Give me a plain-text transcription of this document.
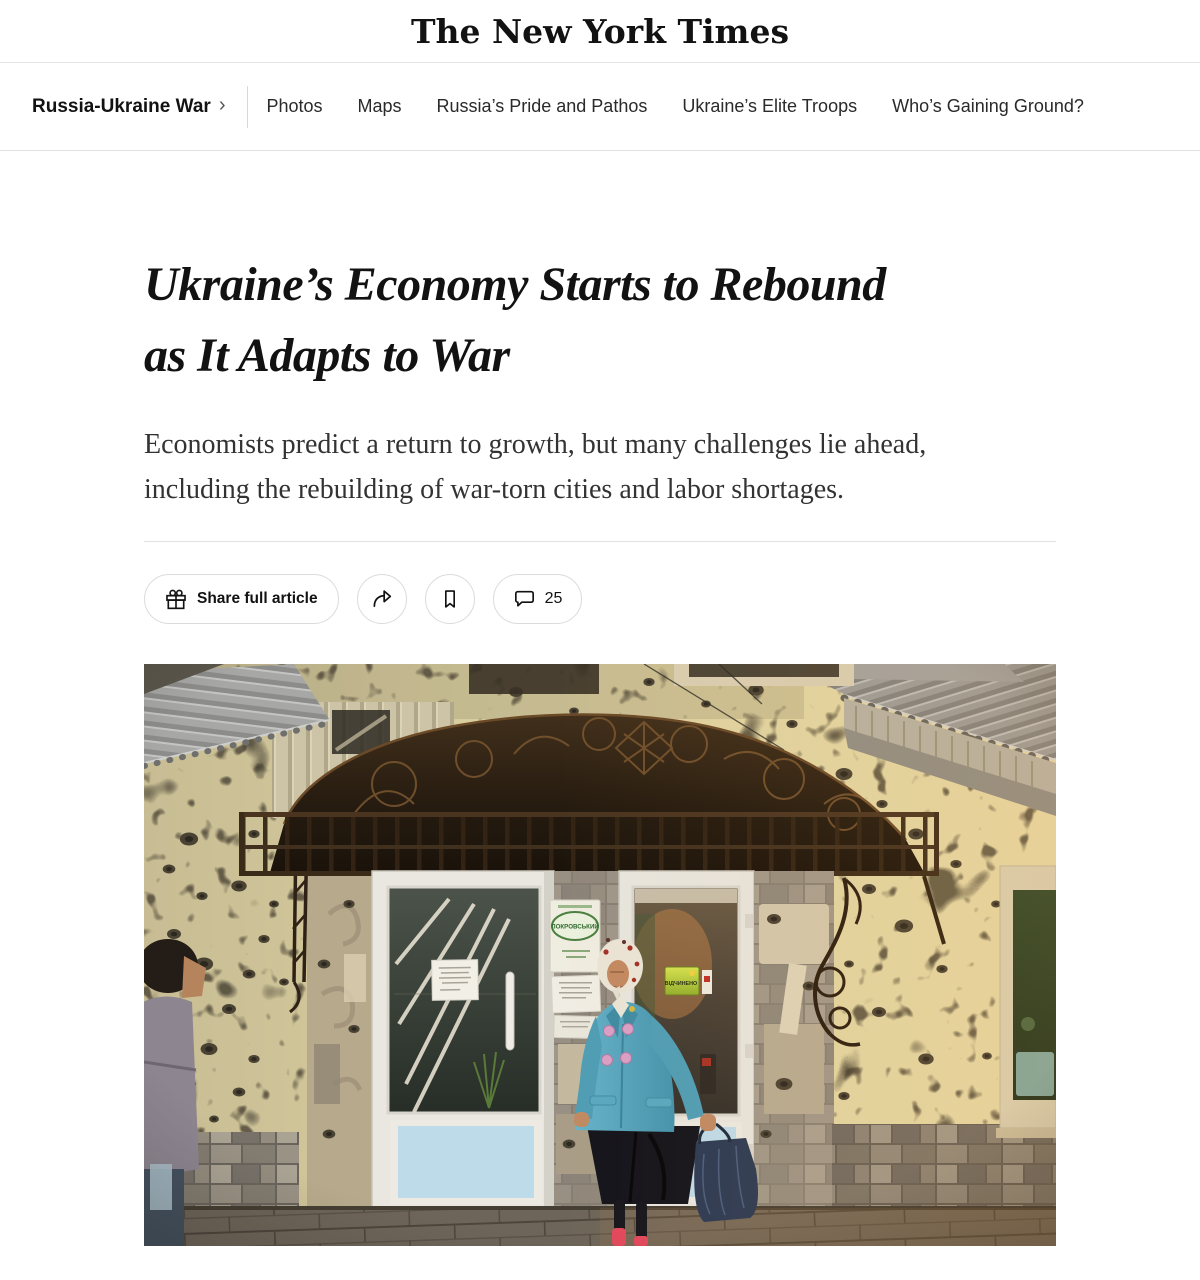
The New York Times
Russia-Ukraine War › Photos Maps Russia’s Pride and Pathos Ukraine’s Elite Troops Who’s Gaining Ground?
Ukraine’s Economy Starts to Rebound
as It Adapts to War

Economists predict a return to growth, but many challenges lie ahead, including the rebuilding of war-torn cities and labor shortages.

Share full article	25
